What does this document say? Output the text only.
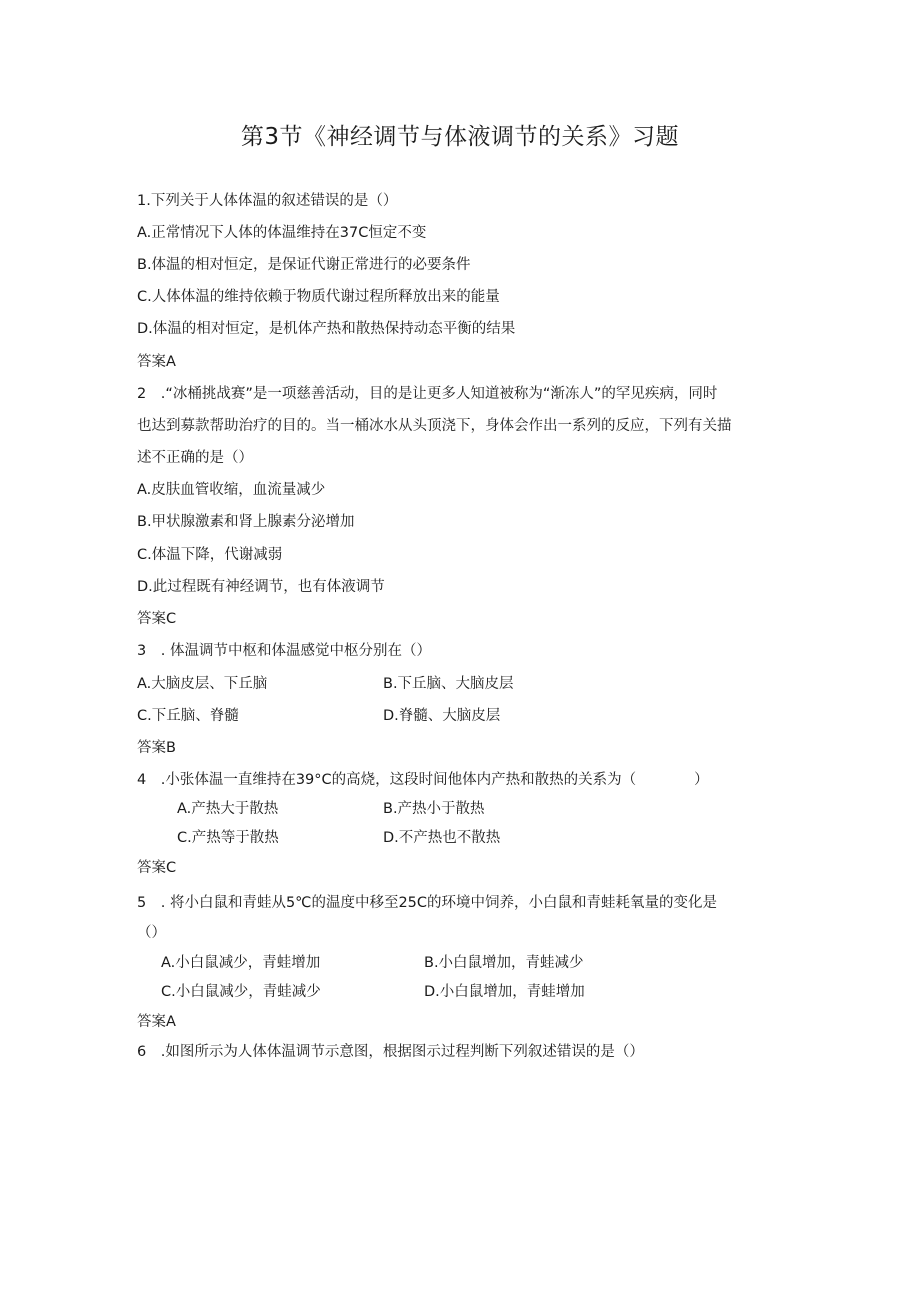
第3节《神经调节与体液调节的关系》习题
1.下列关于人体体温的叙述错误的是（）
A.正常情况下人体的体温维持在37C恒定不变
B.体温的相对恒定，是保证代谢正常进行的必要条件
C.人体体温的维持依赖于物质代谢过程所释放出来的能量
D.体温的相对恒定，是机体产热和散热保持动态平衡的结果
答案A
2　.“冰桶挑战赛”是一项慈善活动，目的是让更多人知道被称为“渐冻人”的罕见疾病，同时
也达到募款帮助治疗的目的。当一桶冰水从头顶浇下，身体会作出一系列的反应，下列有关描
述不正确的是（）
A.皮肤血管收缩，血流量减少
B.甲状腺激素和肾上腺素分泌增加
C.体温下降，代谢减弱
D.此过程既有神经调节，也有体液调节
答案C
3　. 体温调节中枢和体温感觉中枢分别在（）
A.大脑皮层、下丘脑	B.下丘脑、大脑皮层
C.下丘脑、脊髓	D.脊髓、大脑皮层
答案B
4　.小张体温一直维持在39°C的高烧，这段时间他体内产热和散热的关系为（　　　　）
A.产热大于散热	B.产热小于散热
C.产热等于散热	D.不产热也不散热
答案C
5　. 将小白鼠和青蛙从5℃的温度中移至25C的环境中饲养，小白鼠和青蛙耗氧量的变化是
（）
A.小白鼠减少，青蛙增加	B.小白鼠增加，青蛙减少
C.小白鼠减少，青蛙减少	D.小白鼠增加，青蛙增加
答案A
6　.如图所示为人体体温调节示意图，根据图示过程判断下列叙述错误的是（）
